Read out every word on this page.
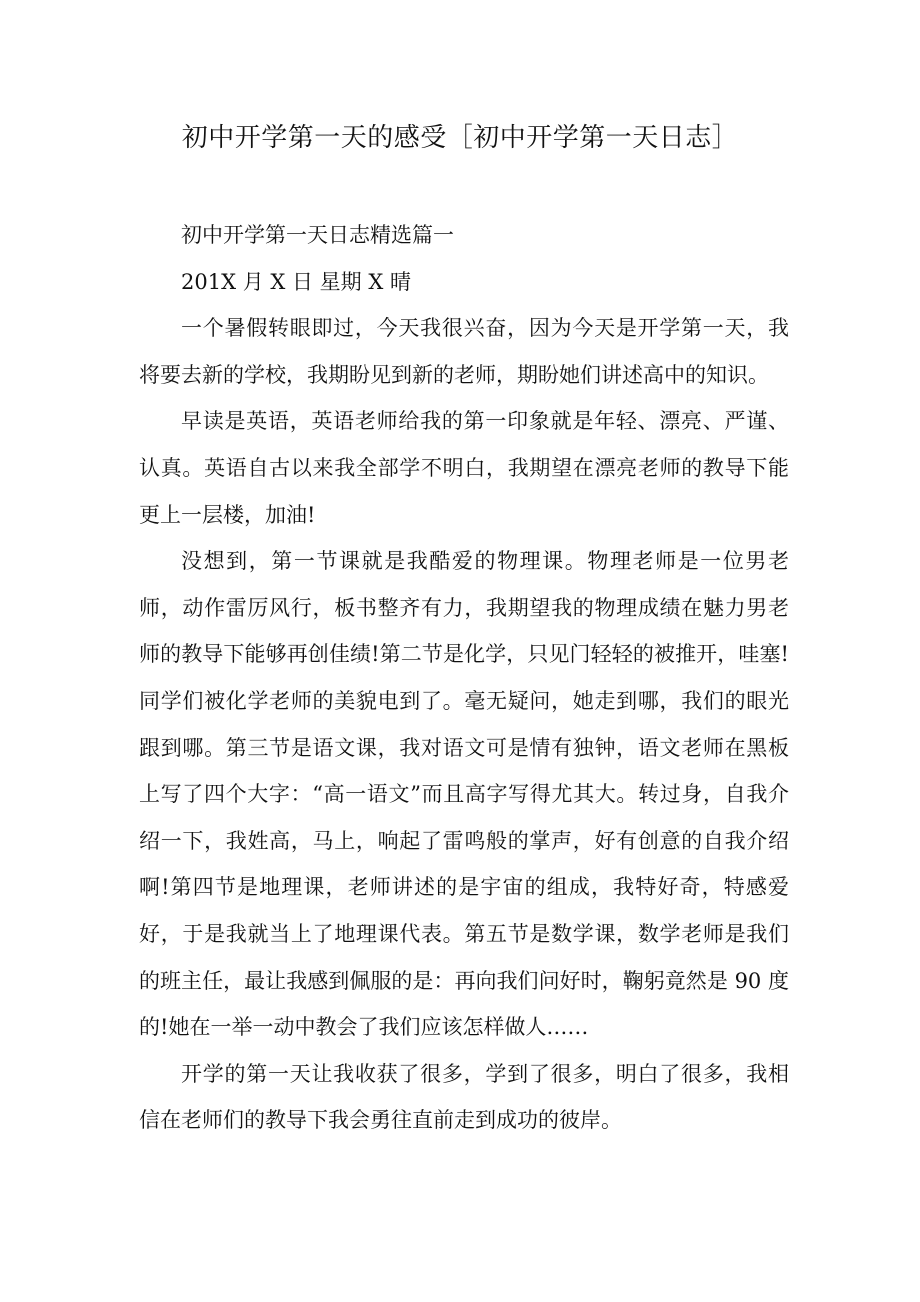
初中开学第一天的感受［初中开学第一天日志］

初中开学第一天日志精选篇一

201X 月 X 日 星期 X 晴

一个暑假转眼即过，今天我很兴奋，因为今天是开学第一天，我将要去新的学校，我期盼见到新的老师，期盼她们讲述高中的知识。

早读是英语，英语老师给我的第一印象就是年轻、漂亮、严谨、认真。英语自古以来我全部学不明白，我期望在漂亮老师的教导下能更上一层楼，加油!

没想到，第一节课就是我酷爱的物理课。物理老师是一位男老师，动作雷厉风行，板书整齐有力，我期望我的物理成绩在魅力男老师的教导下能够再创佳绩!第二节是化学，只见门轻轻的被推开，哇塞!同学们被化学老师的美貌电到了。毫无疑问，她走到哪，我们的眼光跟到哪。第三节是语文课，我对语文可是情有独钟，语文老师在黑板上写了四个大字：“高一语文”而且高字写得尤其大。转过身，自我介绍一下，我姓高，马上，响起了雷鸣般的掌声，好有创意的自我介绍啊!第四节是地理课，老师讲述的是宇宙的组成，我特好奇，特感爱好，于是我就当上了地理课代表。第五节是数学课，数学老师是我们的班主任，最让我感到佩服的是：再向我们问好时，鞠躬竟然是 90 度的!她在一举一动中教会了我们应该怎样做人……

开学的第一天让我收获了很多，学到了很多，明白了很多，我相信在老师们的教导下我会勇往直前走到成功的彼岸。
